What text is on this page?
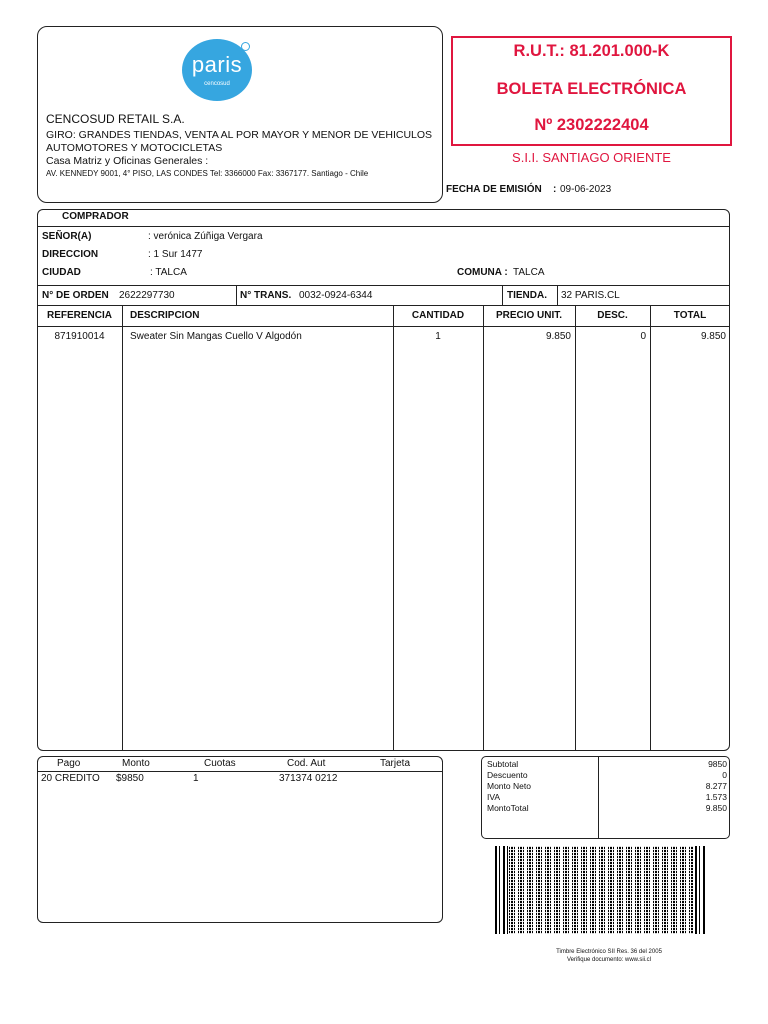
paris
cencosud
CENCOSUD RETAIL S.A.
GIRO: GRANDES TIENDAS, VENTA AL POR MAYOR Y MENOR DE VEHICULOS
AUTOMOTORES Y MOTOCICLETAS
Casa Matriz y Oficinas Generales :
AV. KENNEDY 9001, 4° PISO, LAS CONDES Tel: 3366000 Fax: 3367177. Santiago - Chile
R.U.T.: 81.201.000-K
BOLETA ELECTRÓNICA
Nº 2302222404
S.I.I. SANTIAGO ORIENTE
FECHA DE EMISIÓN : 09-06-2023
COMPRADOR
SEÑOR(A)	: verónica Zúñiga Vergara
DIRECCION	: 1 Sur 1477
CIUDAD	: TALCA	COMUNA : TALCA
N° DE ORDEN 2622297730	N° TRANS. 0032-0924-6344	TIENDA. 32 PARIS.CL
REFERENCIA	DESCRIPCION	CANTIDAD	PRECIO UNIT.	DESC.	TOTAL
871910014	Sweater Sin Mangas Cuello V Algodón	1	9.850	0	9.850
Pago	Monto	Cuotas	Cod. Aut	Tarjeta
20 CREDITO $9850	1	371374 0212
Subtotal	9850
Descuento	0
Monto Neto	8.277
IVA	1.573
MontoTotal	9.850
Timbre Electrónico SII Res. 36 del 2005
Verifique documento: www.sii.cl
